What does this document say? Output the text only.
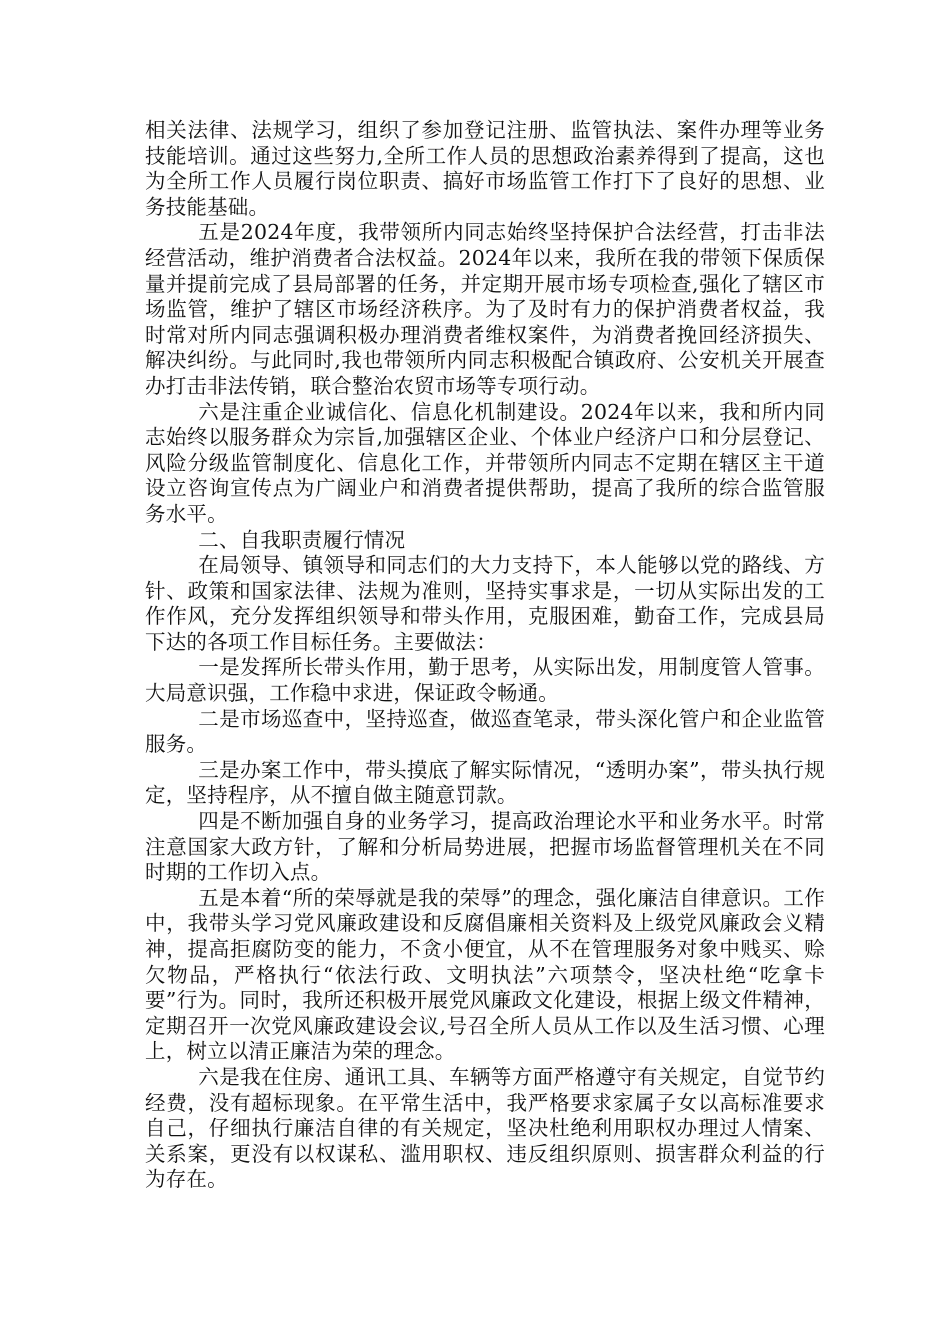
相关法律、法规学习，组织了参加登记注册、监管执法、案件办理等业务技能培训。通过这些努力,全所工作人员的思想政治素养得到了提高，这也为全所工作人员履行岗位职责、搞好市场监管工作打下了良好的思想、业务技能基础。

五是2024年度，我带领所内同志始终坚持保护合法经营，打击非法经营活动，维护消费者合法权益。2024年以来，我所在我的带领下保质保量并提前完成了县局部署的任务，并定期开展市场专项检查,强化了辖区市场监管，维护了辖区市场经济秩序。为了及时有力的保护消费者权益，我时常对所内同志强调积极办理消费者维权案件，为消费者挽回经济损失、解决纠纷。与此同时,我也带领所内同志积极配合镇政府、公安机关开展查办打击非法传销，联合整治农贸市场等专项行动。

六是注重企业诚信化、信息化机制建设。2024年以来，我和所内同志始终以服务群众为宗旨,加强辖区企业、个体业户经济户口和分层登记、风险分级监管制度化、信息化工作，并带领所内同志不定期在辖区主干道设立咨询宣传点为广阔业户和消费者提供帮助，提高了我所的综合监管服务水平。

二、自我职责履行情况

在局领导、镇领导和同志们的大力支持下，本人能够以党的路线、方针、政策和国家法律、法规为准则，坚持实事求是，一切从实际出发的工作作风，充分发挥组织领导和带头作用，克服困难，勤奋工作，完成县局下达的各项工作目标任务。主要做法：

一是发挥所长带头作用，勤于思考，从实际出发，用制度管人管事。大局意识强，工作稳中求进，保证政令畅通。

二是市场巡查中，坚持巡查，做巡查笔录，带头深化管户和企业监管服务。

三是办案工作中，带头摸底了解实际情况，“透明办案”，带头执行规定，坚持程序，从不擅自做主随意罚款。

四是不断加强自身的业务学习，提高政治理论水平和业务水平。时常注意国家大政方针，了解和分析局势进展，把握市场监督管理机关在不同时期的工作切入点。

五是本着“所的荣辱就是我的荣辱”的理念，强化廉洁自律意识。工作中，我带头学习党风廉政建设和反腐倡廉相关资料及上级党风廉政会义精神，提高拒腐防变的能力，不贪小便宜，从不在管理服务对象中贱买、赊欠物品，严格执行“依法行政、文明执法”六项禁令，坚决杜绝“吃拿卡要”行为。同时，我所还积极开展党风廉政文化建设，根据上级文件精神，定期召开一次党风廉政建设会议,号召全所人员从工作以及生活习惯、心理上，树立以清正廉洁为荣的理念。

六是我在住房、通讯工具、车辆等方面严格遵守有关规定，自觉节约经费，没有超标现象。在平常生活中，我严格要求家属子女以高标准要求自己，仔细执行廉洁自律的有关规定，坚决杜绝利用职权办理过人情案、关系案，更没有以权谋私、滥用职权、违反组织原则、损害群众利益的行为存在。
